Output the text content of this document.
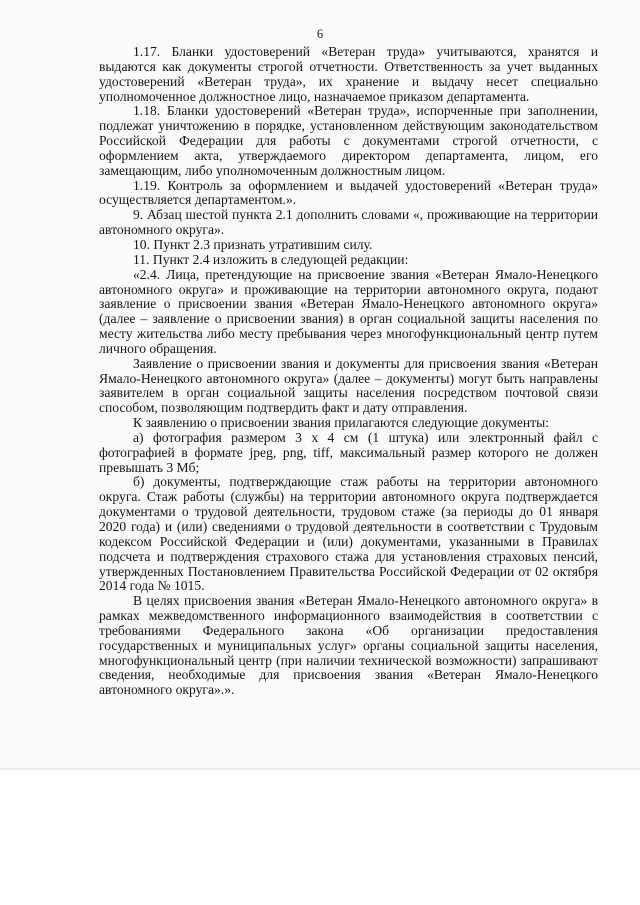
6

1.17. Бланки удостоверений «Ветеран труда» учитываются, хранятся и выдаются как документы строгой отчетности. Ответственность за учет выданных удостоверений «Ветеран труда», их хранение и выдачу несет специально уполномоченное должностное лицо, назначаемое приказом департамента.

1.18. Бланки удостоверений «Ветеран труда», испорченные при заполнении, подлежат уничтожению в порядке, установленном действующим законодательством Российской Федерации для работы с документами строгой отчетности, с оформлением акта, утверждаемого директором департамента, лицом, его замещающим, либо уполномоченным должностным лицом.

1.19. Контроль за оформлением и выдачей удостоверений «Ветеран труда» осуществляется департаментом.».

9. Абзац шестой пункта 2.1 дополнить словами «, проживающие на территории автономного округа».

10. Пункт 2.3 признать утратившим силу.

11. Пункт 2.4 изложить в следующей редакции:

«2.4. Лица, претендующие на присвоение звания «Ветеран Ямало-Ненецкого автономного округа» и проживающие на территории автономного округа, подают заявление о присвоении звания «Ветеран Ямало-Ненецкого автономного округа» (далее – заявление о присвоении звания) в орган социальной защиты населения по месту жительства либо месту пребывания через многофункциональный центр путем личного обращения.

Заявление о присвоении звания и документы для присвоения звания «Ветеран Ямало-Ненецкого автономного округа» (далее – документы) могут быть направлены заявителем в орган социальной защиты населения посредством почтовой связи способом, позволяющим подтвердить факт и дату отправления.

К заявлению о присвоении звания прилагаются следующие документы:

а) фотография размером 3 х 4 см (1 штука) или электронный файл с фотографией в формате jpeg, png, tiff, максимальный размер которого не должен превышать 3 Мб;

б) документы, подтверждающие стаж работы на территории автономного округа. Стаж работы (службы) на территории автономного округа подтверждается документами о трудовой деятельности, трудовом стаже (за периоды до 01 января 2020 года) и (или) сведениями о трудовой деятельности в соответствии с Трудовым кодексом Российской Федерации и (или) документами, указанными в Правилах подсчета и подтверждения страхового стажа для установления страховых пенсий, утвержденных Постановлением Правительства Российской Федерации от 02 октября 2014 года № 1015.

В целях присвоения звания «Ветеран Ямало-Ненецкого автономного округа» в рамках межведомственного информационного взаимодействия в соответствии с требованиями Федерального закона «Об организации предоставления государственных и муниципальных услуг» органы социальной защиты населения, многофункциональный центр (при наличии технической возможности) запрашивают сведения, необходимые для присвоения звания «Ветеран Ямало-Ненецкого автономного округа».».
